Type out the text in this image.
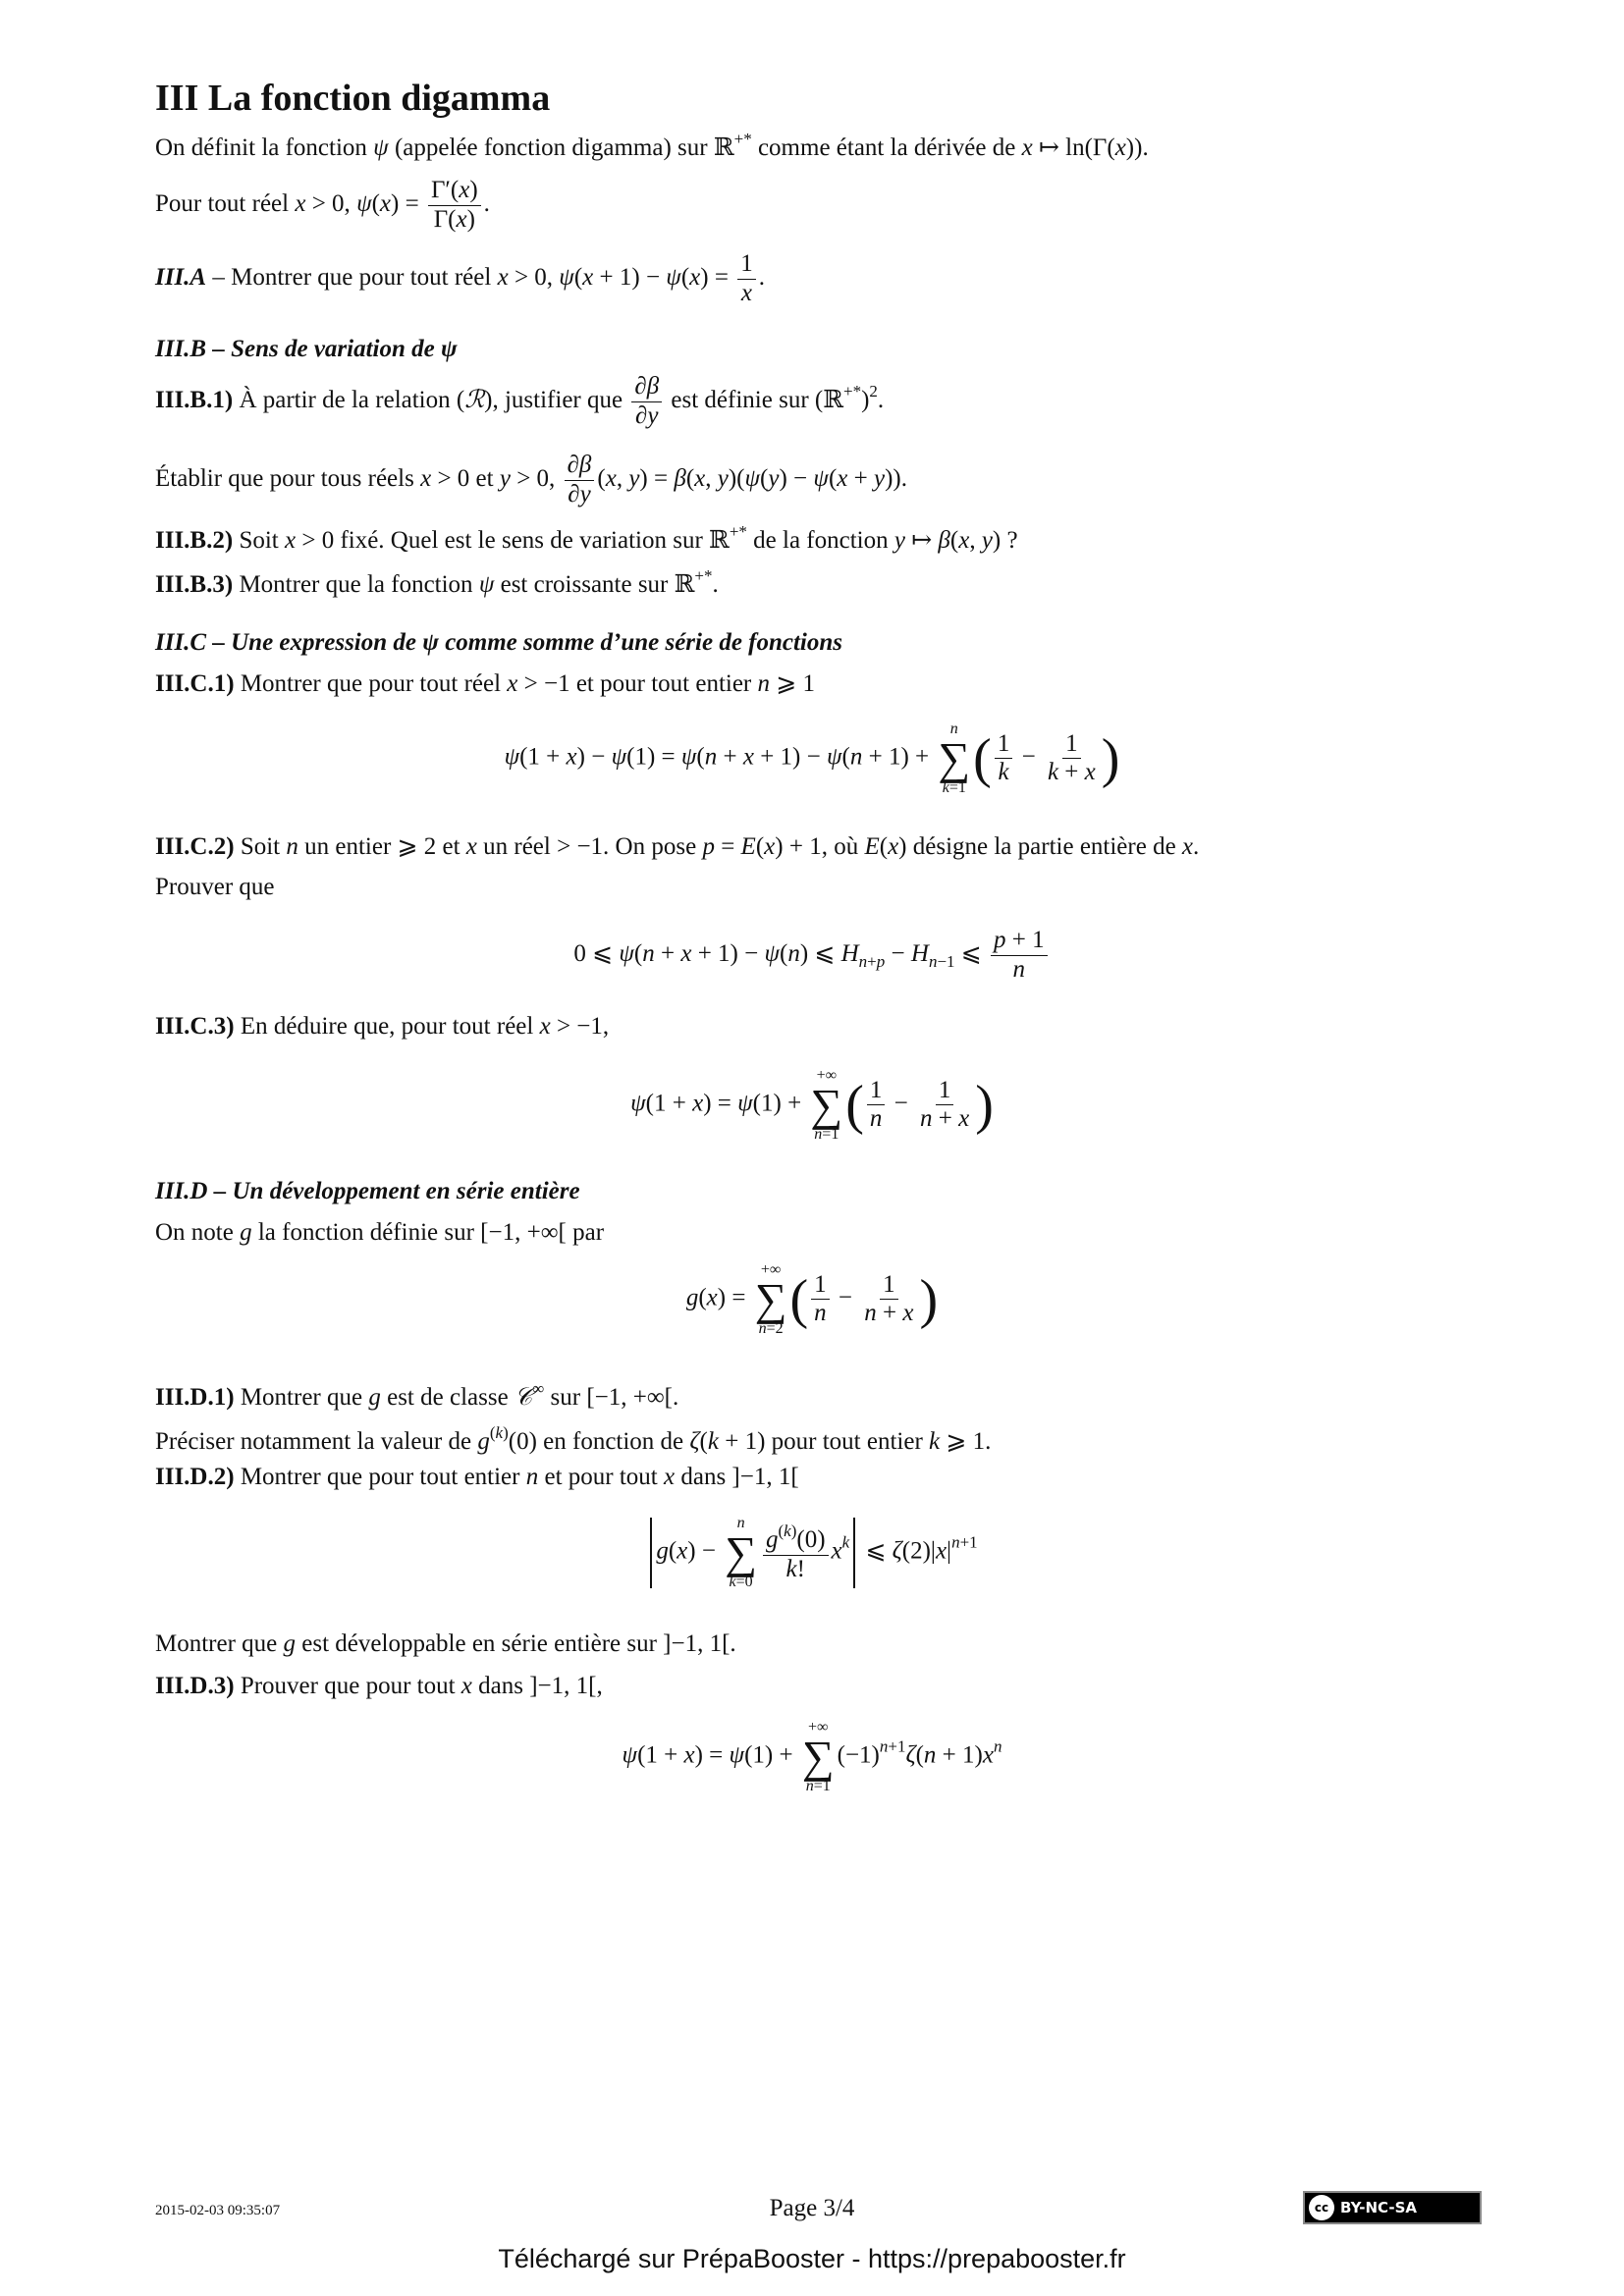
III La fonction digamma
On définit la fonction ψ (appelée fonction digamma) sur ℝ+* comme étant la dérivée de x ↦ ln(Γ(x)).
Pour tout réel x > 0, $\psi(x) = \frac{\Gamma'(x)}{\Gamma(x)}$ .
III.A – Montrer que pour tout réel x > 0, $\psi(x + 1) - \psi(x) = \frac{1}{x}$ .
III.B – Sens de variation de ψ
III.B.1) À partir de la relation (ℛ), justifier que $\frac{\partial\beta}{\partial y}$ est définie sur (ℝ+*)$^2$.
Établir que pour tous réels x > 0 et y > 0, $\frac{\partial\beta}{\partial y} (x$, y) = β(x, y)(ψ(y) − ψ(x + y)).
III.B.2) Soit x > 0 fixé. Quel est le sens de variation sur ℝ+* de la fonction y ↦ β(x, y) ?
III.B.3) Montrer que la fonction ψ est croissante sur ℝ+*.
III.C – Une expression de ψ comme somme d’une série de fonctions
III.C.1) Montrer que pour tout réel x > −1 et pour tout entier n ⩾ 1
ψ(1 + x) − ψ(1) = ψ(n + x + 1) − ψ(n + 1) +
n
∑
k=1 ( $\frac{1}{k} - \frac{1}{k + x}$ )
III.C.2) Soit n un entier ⩾ 2 et x un réel > −1. On pose p = E(x) + 1, où E(x) désigne la partie entière de x.
Prouver que
0 ⩽ ψ(n + x + 1) − ψ(n) ⩽ $H_{n+p} - H_{n-1}$ ⩽ $\frac{p + 1}{n}$
III.C.3) En déduire que, pour tout réel x > −1,
ψ(1 + x) = ψ(1) +
+∞
∑
n=1 ( $\frac{1}{n} - \frac{1}{n + x}$ )
III.D – Un développement en série entière
On note g la fonction définie sur [−1, +∞[ par
g(x) =
+∞
∑
n=2 ( $\frac{1}{n} - \frac{1}{n + x}$ )
III.D.1) Montrer que g est de classe 𝒞∞ sur [−1, +∞[.
Préciser notamment la valeur de $g^{(k)}(0)$ en fonction de ζ(k + 1) pour tout entier k ⩾ 1.
III.D.2) Montrer que pour tout entier n et pour tout x dans ]−1, 1[
g(x) −
n
∑
$k=0 \frac{g^{(k)}(0)}{k!} x^k$ ⩽ $\zeta(2)|x|^{n+1}$
Montrer que g est développable en série entière sur ]−1, 1[.
III.D.3) Prouver que pour tout x dans ]−1, 1[,
ψ(1 + x) = ψ(1) +
+∞
∑
n=1
$(-1)^{n+1}\zeta(n + 1)x^n$
2015-02-03 09:35:07	Page 3/4	cc BY-NC-SA
Téléchargé sur PrépaBooster - https://prepabooster.fr
